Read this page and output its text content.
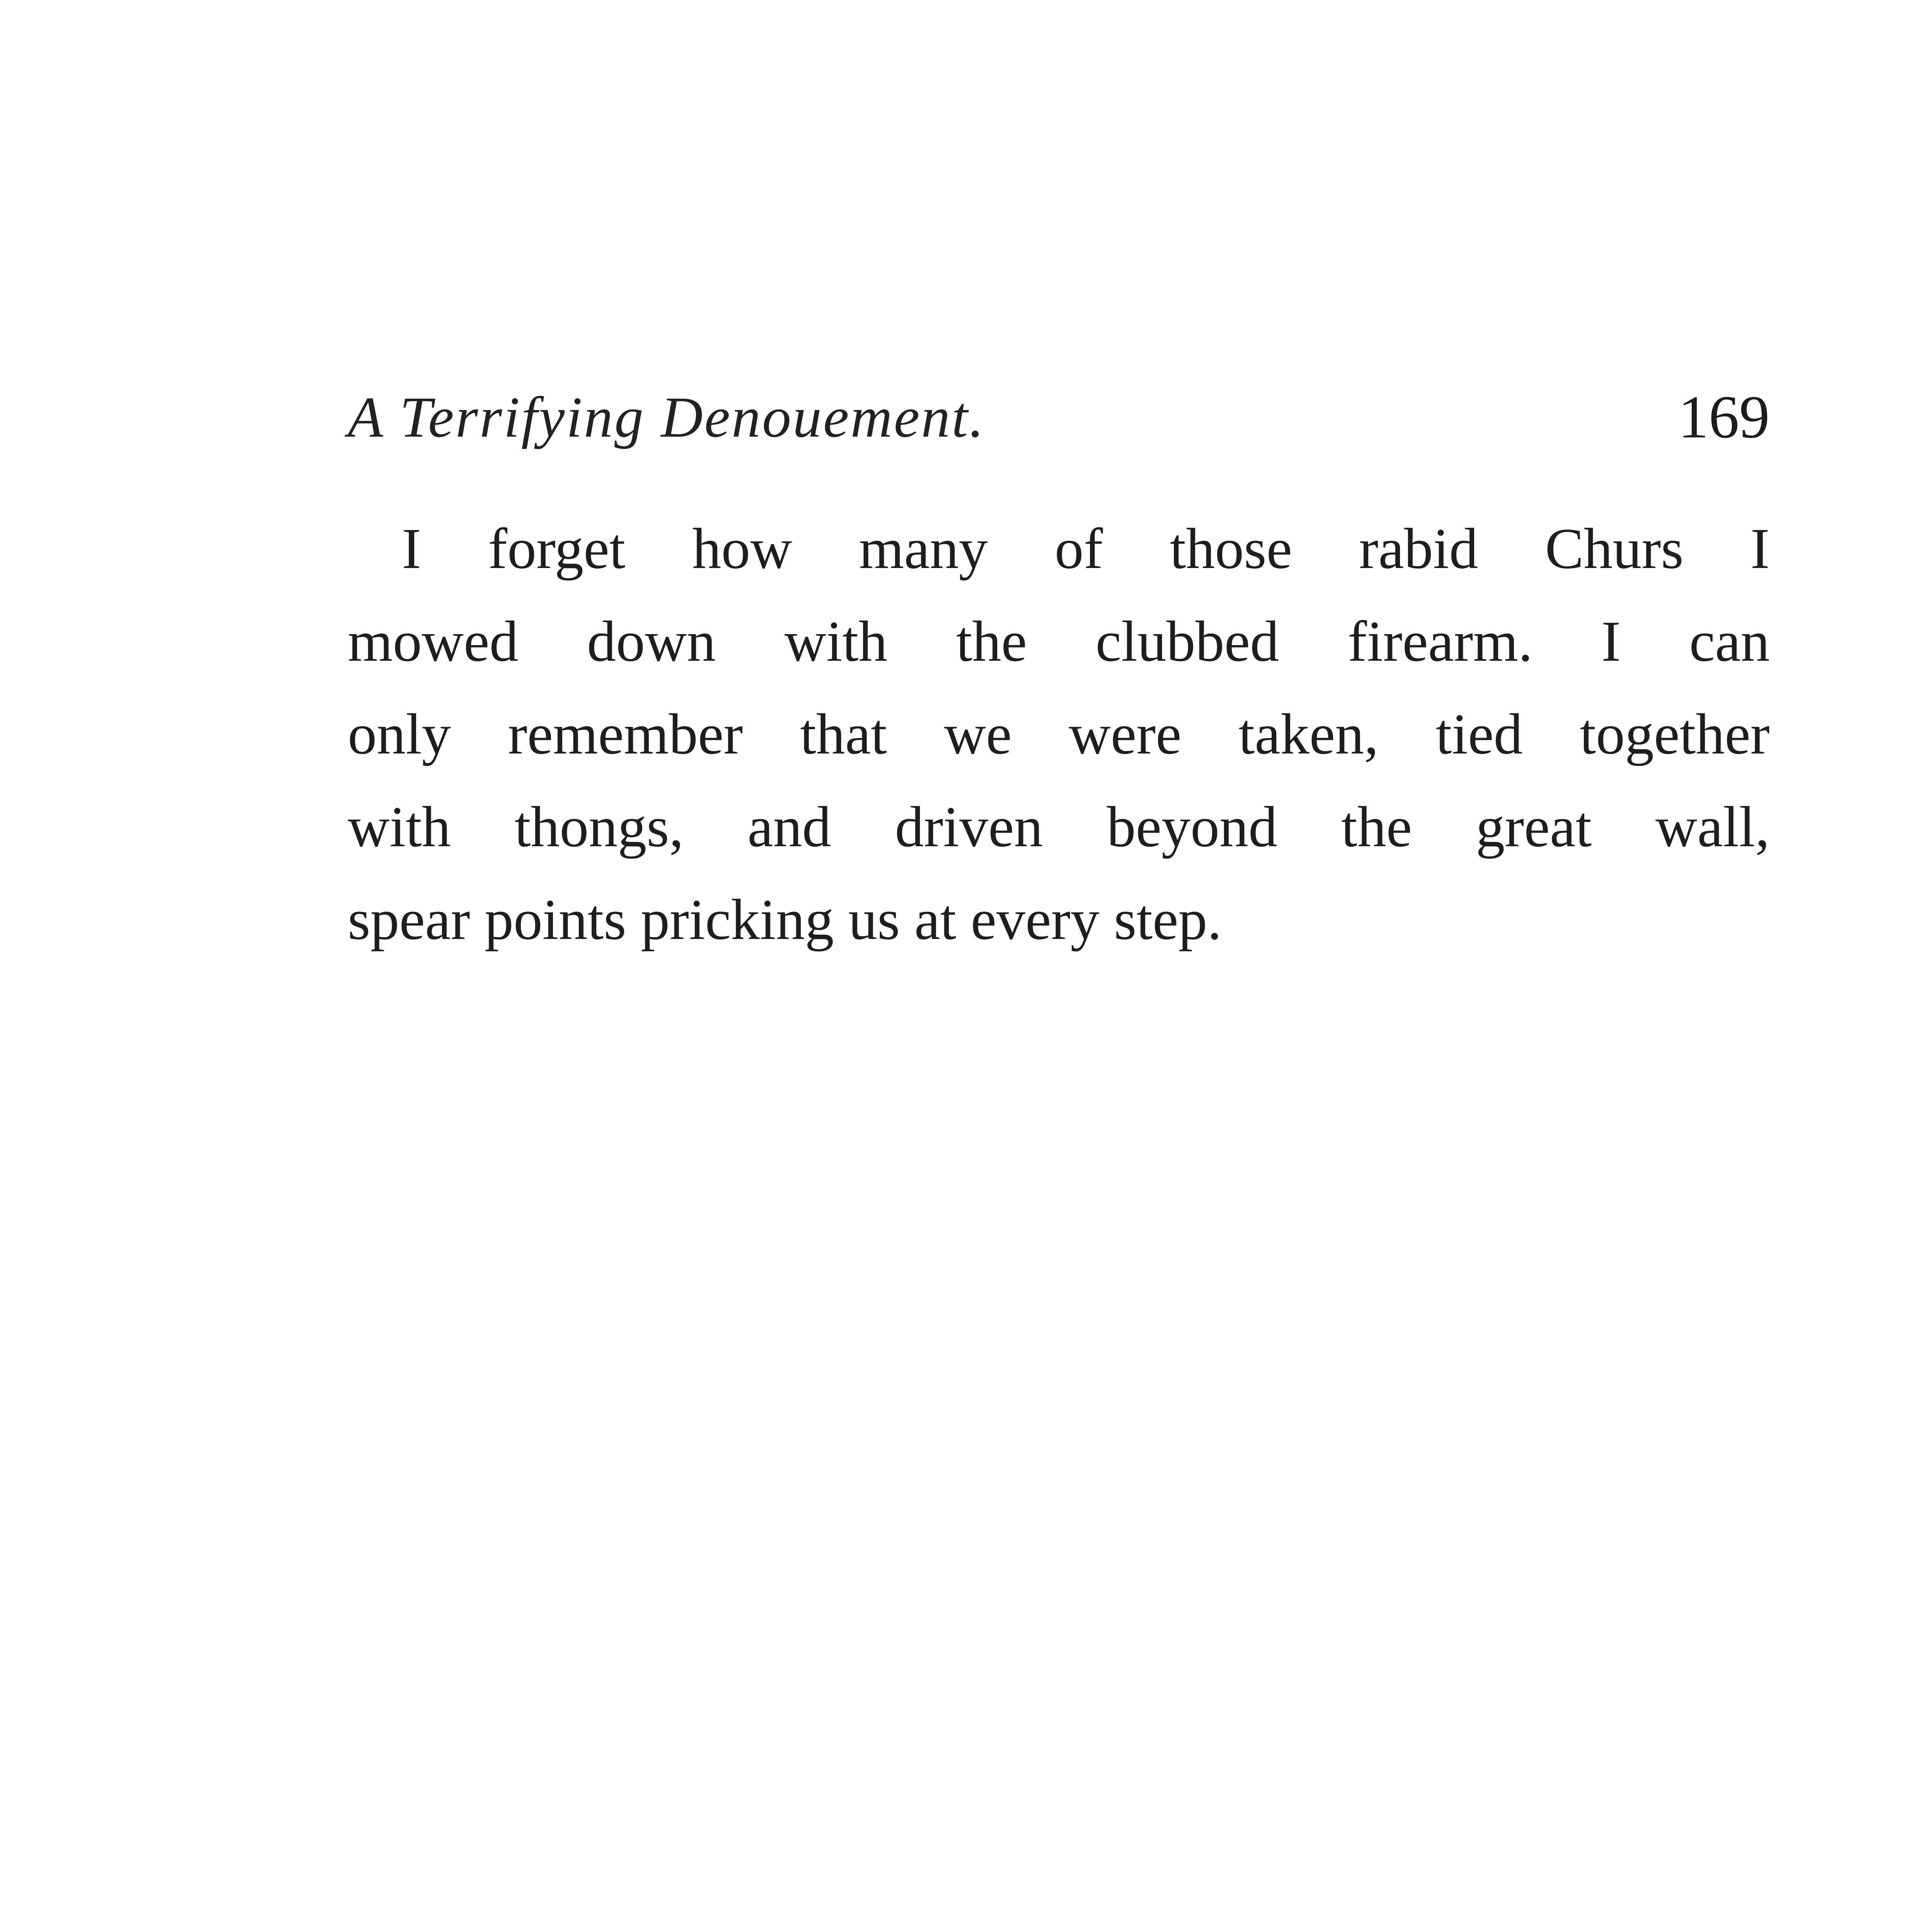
A Terrifying Denouement.	169
I forget how many of those rabid Churs I
mowed down with the clubbed firearm. I can
only remember that we were taken, tied together
with thongs, and driven beyond the great wall,
spear points pricking us at every step.
